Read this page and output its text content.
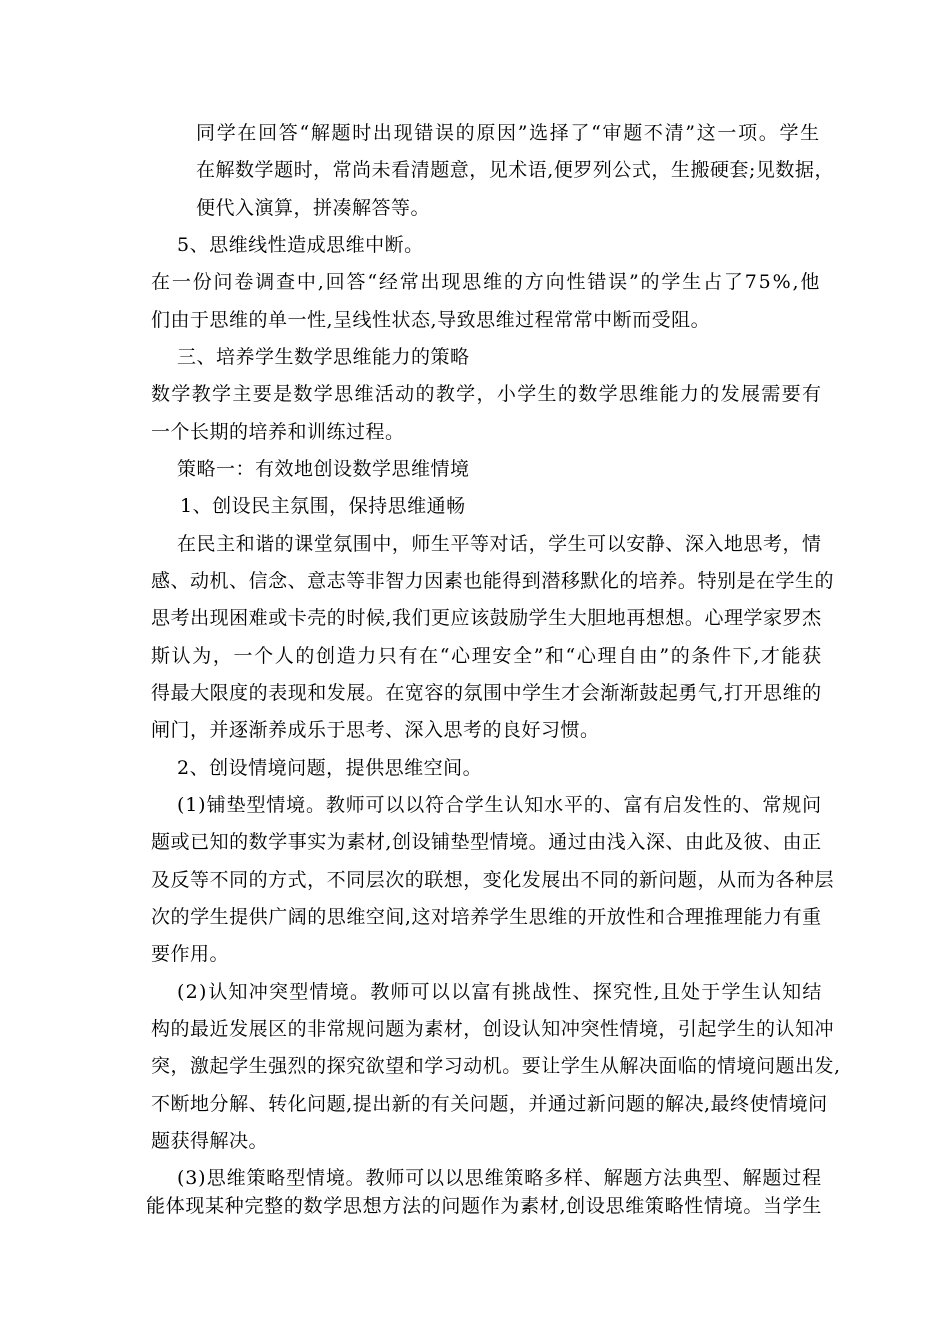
同 学 在 回 答 “ 解 题 时 出 现 错 误 的 原 因 ” 选 择 了 “ 审 题 不 清 ” 这 一 项 。 学 生
在 解 数 学 题 时 ， 常 尚 未 看 清 题 意 ， 见 术 语 , 便 罗 列 公 式 ， 生 搬 硬 套 ; 见 数 据 ，
便代入演算，拼凑解答等。
5、思维线性造成思维中断。
在 一 份 问 卷 调 查 中 , 回 答 “ 经 常 出 现 思 维 的 方 向 性 错 误 ” 的 学 生 占 了 7 5 % , 他
们由于思维的单一性,呈线性状态,导致思维过程常常中断而受阻。
三、培养学生数学思维能力的策略
数 学 教 学 主 要 是 数 学 思 维 活 动 的 教 学 ， 小 学 生 的 数 学 思 维 能 力 的 发 展 需 要 有
一个长期的培养和训练过程。
策略一：有效地创设数学思维情境
1、创设民主氛围，保持思维通畅
在 民 主 和 谐 的 课 堂 氛 围 中 ， 师 生 平 等 对 话 ， 学 生 可 以 安 静 、 深 入 地 思 考 ， 情
感 、 动 机 、 信 念 、 意 志 等 非 智 力 因 素 也 能 得 到 潜 移 默 化 的 培 养 。 特 别 是 在 学 生 的
思 考 出 现 困 难 或 卡 壳 的 时 候 , 我 们 更 应 该 鼓 励 学 生 大 胆 地 再 想 想 。 心 理 学 家 罗 杰
斯 认 为 ， 一 个 人 的 创 造 力 只 有 在 “ 心 理 安 全 ” 和 “ 心 理 自 由 ” 的 条 件 下 , 才 能 获
得 最 大 限 度 的 表 现 和 发 展 。 在 宽 容 的 氛 围 中 学 生 才 会 渐 渐 鼓 起 勇 气 , 打 开 思 维 的
闸门，并逐渐养成乐于思考、深入思考的良好习惯。
2、创设情境问题，提供思维空间。
( 1 ) 铺 垫 型 情 境 。 教 师 可 以 以 符 合 学 生 认 知 水 平 的 、 富 有 启 发 性 的 、 常 规 问
题 或 已 知 的 数 学 事 实 为 素 材 , 创 设 铺 垫 型 情 境 。 通 过 由 浅 入 深 、 由 此 及 彼 、 由 正
及 反 等 不 同 的 方 式 ， 不 同 层 次 的 联 想 ， 变 化 发 展 出 不 同 的 新 问 题 ， 从 而 为 各 种 层
次 的 学 生 提 供 广 阔 的 思 维 空 间 , 这 对 培 养 学 生 思 维 的 开 放 性 和 合 理 推 理 能 力 有 重
要作用。
( 2 ) 认 知 冲 突 型 情 境 。 教 师 可 以 以 富 有 挑 战 性 、 探 究 性 , 且 处 于 学 生 认 知 结
构 的 最 近 发 展 区 的 非 常 规 问 题 为 素 材 ， 创 设 认 知 冲 突 性 情 境 ， 引 起 学 生 的 认 知 冲
突 ， 激 起 学 生 强 烈 的 探 究 欲 望 和 学 习 动 机 。 要 让 学 生 从 解 决 面 临 的 情 境 问 题 出 发 ,
不 断 地 分 解 、 转 化 问 题 , 提 出 新 的 有 关 问 题 ， 并 通 过 新 问 题 的 解 决 , 最 终 使 情 境 问
题获得解决。
( 3 ) 思 维 策 略 型 情 境 。 教 师 可 以 以 思 维 策 略 多 样 、 解 题 方 法 典 型 、 解 题 过 程
能 体 现 某 种 完 整 的 数 学 思 想 方 法 的 问 题 作 为 素 材 , 创 设 思 维 策 略 性 情 境 。 当 学 生
